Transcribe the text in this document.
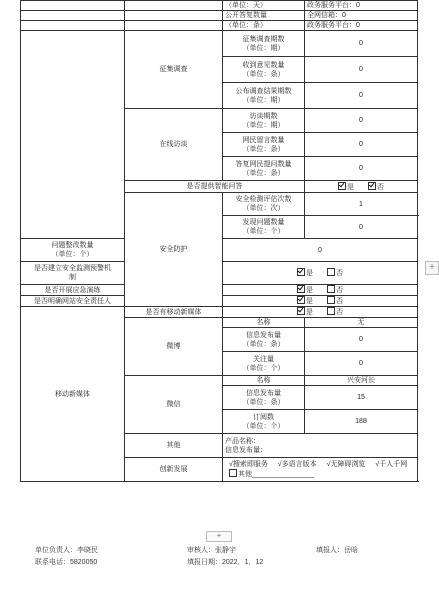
		（单位：天）	政务服务平台：0
		公开答复数量	全网信箱：0
		（单位：条）	政务服务平台：0
	征集调查	征集调查期数
（单位：期）	0
		收到意见数量
（单位：条）	0
		公布调查结果期数
（单位：期）	0
	在线访谈	访谈期数
（单位：期）	0
		网民留言数量
（单位：条）	0
		答复网民提问数量
（单位：条）	0
	是否提供智能问答		是 否
	安全防护	安全检测评估次数
（单位：次）	1
		发现问题数量
（单位：个）	0
问题整改数量
（单位：个）		0	
是否建立安全监测预警机
制		是 否	
是否开展应急演练		是 否	
是否明确网站安全责任人		是 否	
移动新媒体	是否有移动新媒体	是 否	
	微博	名称	无
		信息发布量
（单位：条）	0
		关注量
（单位：个）	0
	微信	名称	兴安河长
		信息发布量
（单位：条）	15
		订阅数
（单位：个）	188
	其他	产品名称：
信息发布量：	
	创新发展	√搜索即服务 √多语言版本 √无障碍浏览 √千人千网
其他________________	
+
+
单位负责人：李晓民	审核人：张静宇	填报人：岳晗
联系电话：5820050	填报日期：2022．1．12
